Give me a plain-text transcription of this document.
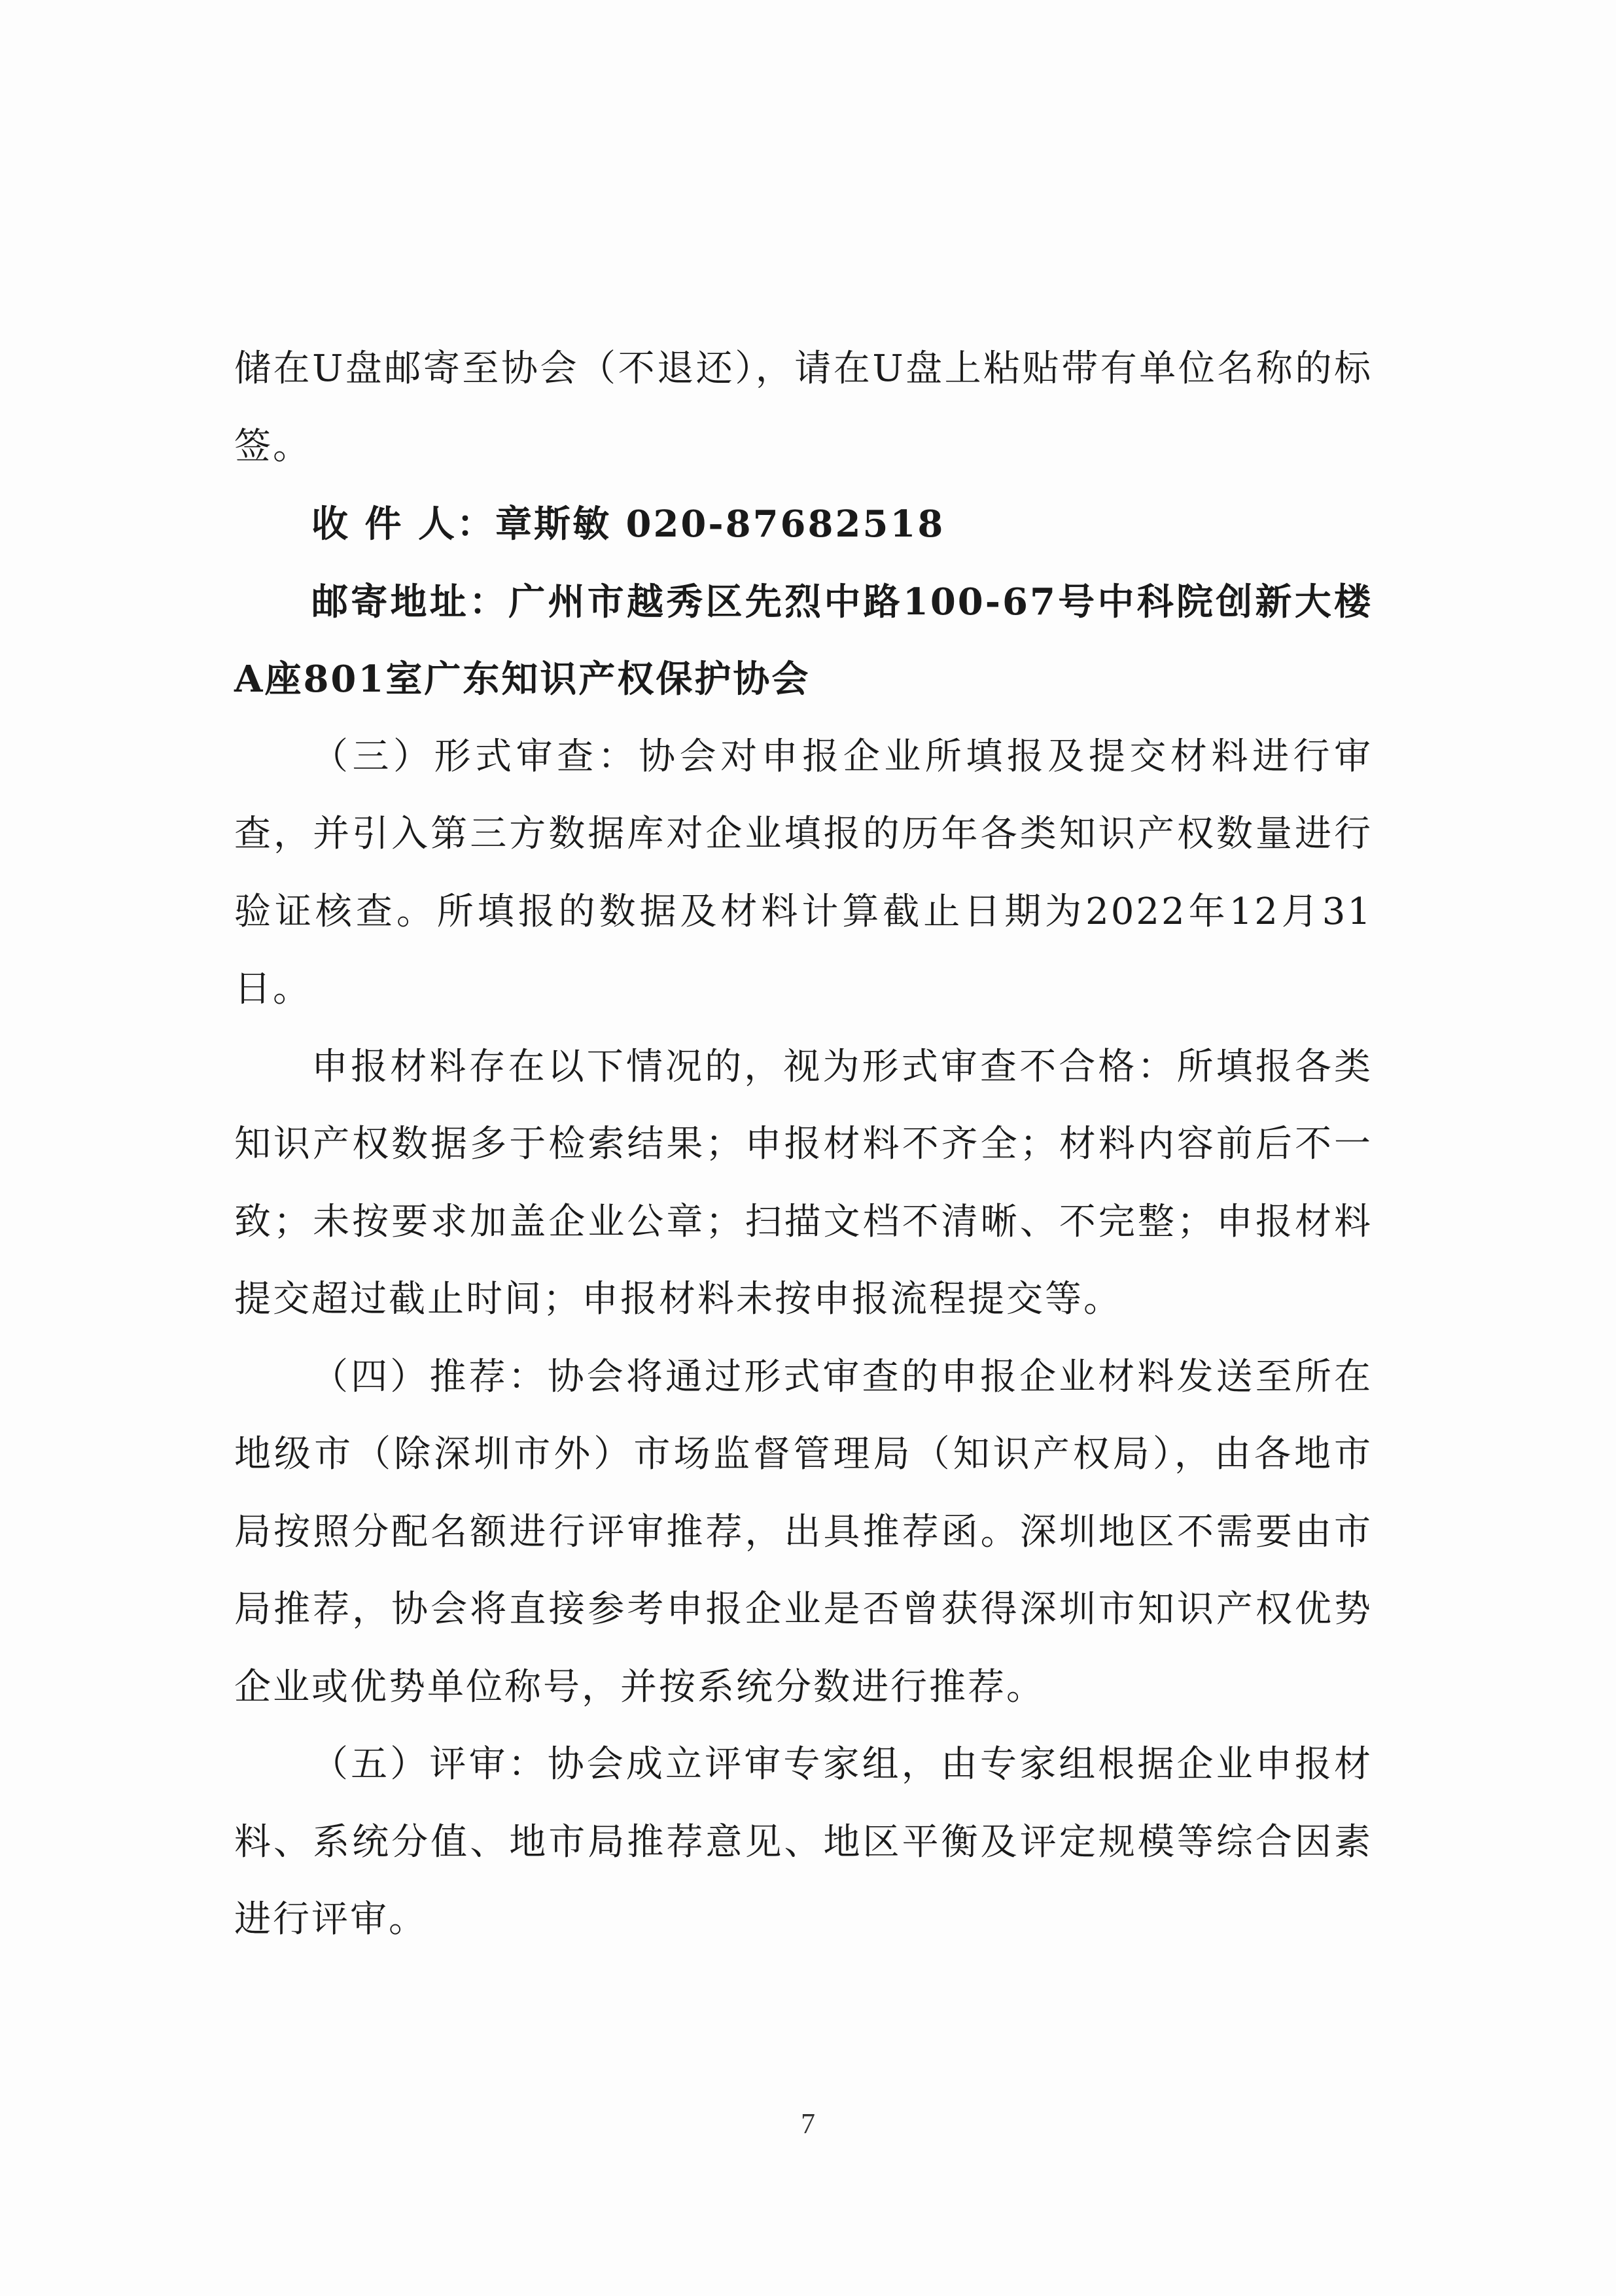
储在U盘邮寄至协会（不退还），请在U盘上粘贴带有单位名称的标签。

收 件 人：章斯敏 020-87682518

邮寄地址：广州市越秀区先烈中路100-67号中科院创新大楼A座801室广东知识产权保护协会

（三）形式审查：协会对申报企业所填报及提交材料进行审查，并引入第三方数据库对企业填报的历年各类知识产权数量进行验证核查。所填报的数据及材料计算截止日期为2022年12月31日。

申报材料存在以下情况的，视为形式审查不合格：所填报各类知识产权数据多于检索结果；申报材料不齐全；材料内容前后不一致；未按要求加盖企业公章；扫描文档不清晰、不完整；申报材料提交超过截止时间；申报材料未按申报流程提交等。

（四）推荐：协会将通过形式审查的申报企业材料发送至所在地级市（除深圳市外）市场监督管理局（知识产权局），由各地市局按照分配名额进行评审推荐，出具推荐函。深圳地区不需要由市局推荐，协会将直接参考申报企业是否曾获得深圳市知识产权优势企业或优势单位称号，并按系统分数进行推荐。

（五）评审：协会成立评审专家组，由专家组根据企业申报材料、系统分值、地市局推荐意见、地区平衡及评定规模等综合因素进行评审。

7
